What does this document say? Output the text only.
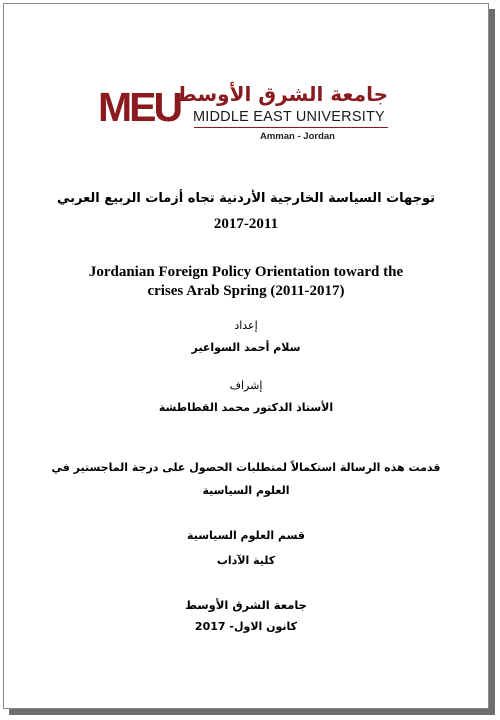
MEU
جامعة الشرق الأوسط
MIDDLE EAST UNIVERSITY
Amman - Jordan
توجهات السياسة الخارجية الأردنية تجاه أزمات الربيع العربي
2017-2011
Jordanian Foreign Policy Orientation toward the
crises Arab Spring (2011-2017)
إعداد
سلام أحمد السواعير
إشراف
الأستاذ الدكتور محمد القطاطشة
قدمت هذه الرسالة استكمالاً لمتطلبات الحصول على درجة الماجستير في
العلوم السياسية
قسم العلوم السياسية
كلية الآداب
جامعة الشرق الأوسط
كانون الاول- 2017
